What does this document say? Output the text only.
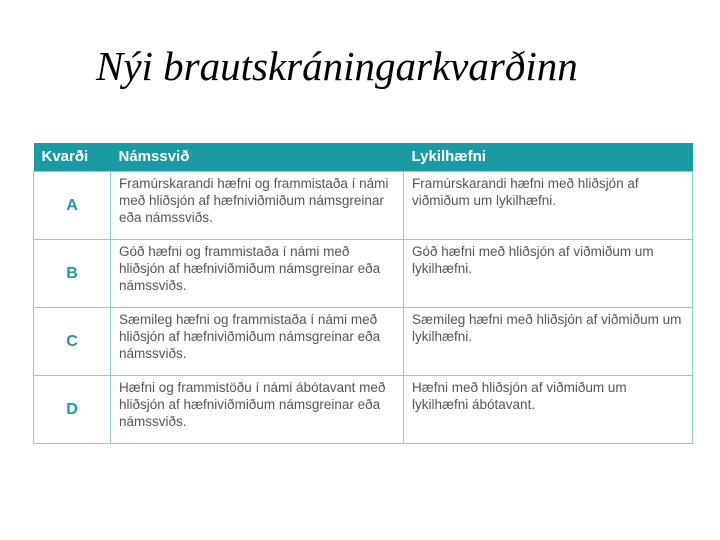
Nýi brautskráningarkvarðinn
Kvarði	Námssvið	Lykilhæfni
A	Framúrskarandi hæfni og frammistaða í námi með hliðsjón af hæfniviðmiðum námsgreinar eða námssviðs.	Framúrskarandi hæfni með hliðsjón af viðmiðum um lykilhæfni.
B	Góð hæfni og frammistaða í námi með hliðsjón af hæfniviðmiðum námsgreinar eða námssviðs.	Góð hæfni með hliðsjón af viðmiðum um lykilhæfni.
C	Sæmileg hæfni og frammistaða í námi með hliðsjón af hæfniviðmiðum námsgreinar eða námssviðs.	Sæmileg hæfni með hliðsjón af viðmiðum um lykilhæfni.
D	Hæfni og frammistöðu í námi ábótavant með hliðsjón af hæfniviðmiðum námsgreinar eða námssviðs.	Hæfni með hliðsjón af viðmiðum um lykilhæfni ábótavant.
